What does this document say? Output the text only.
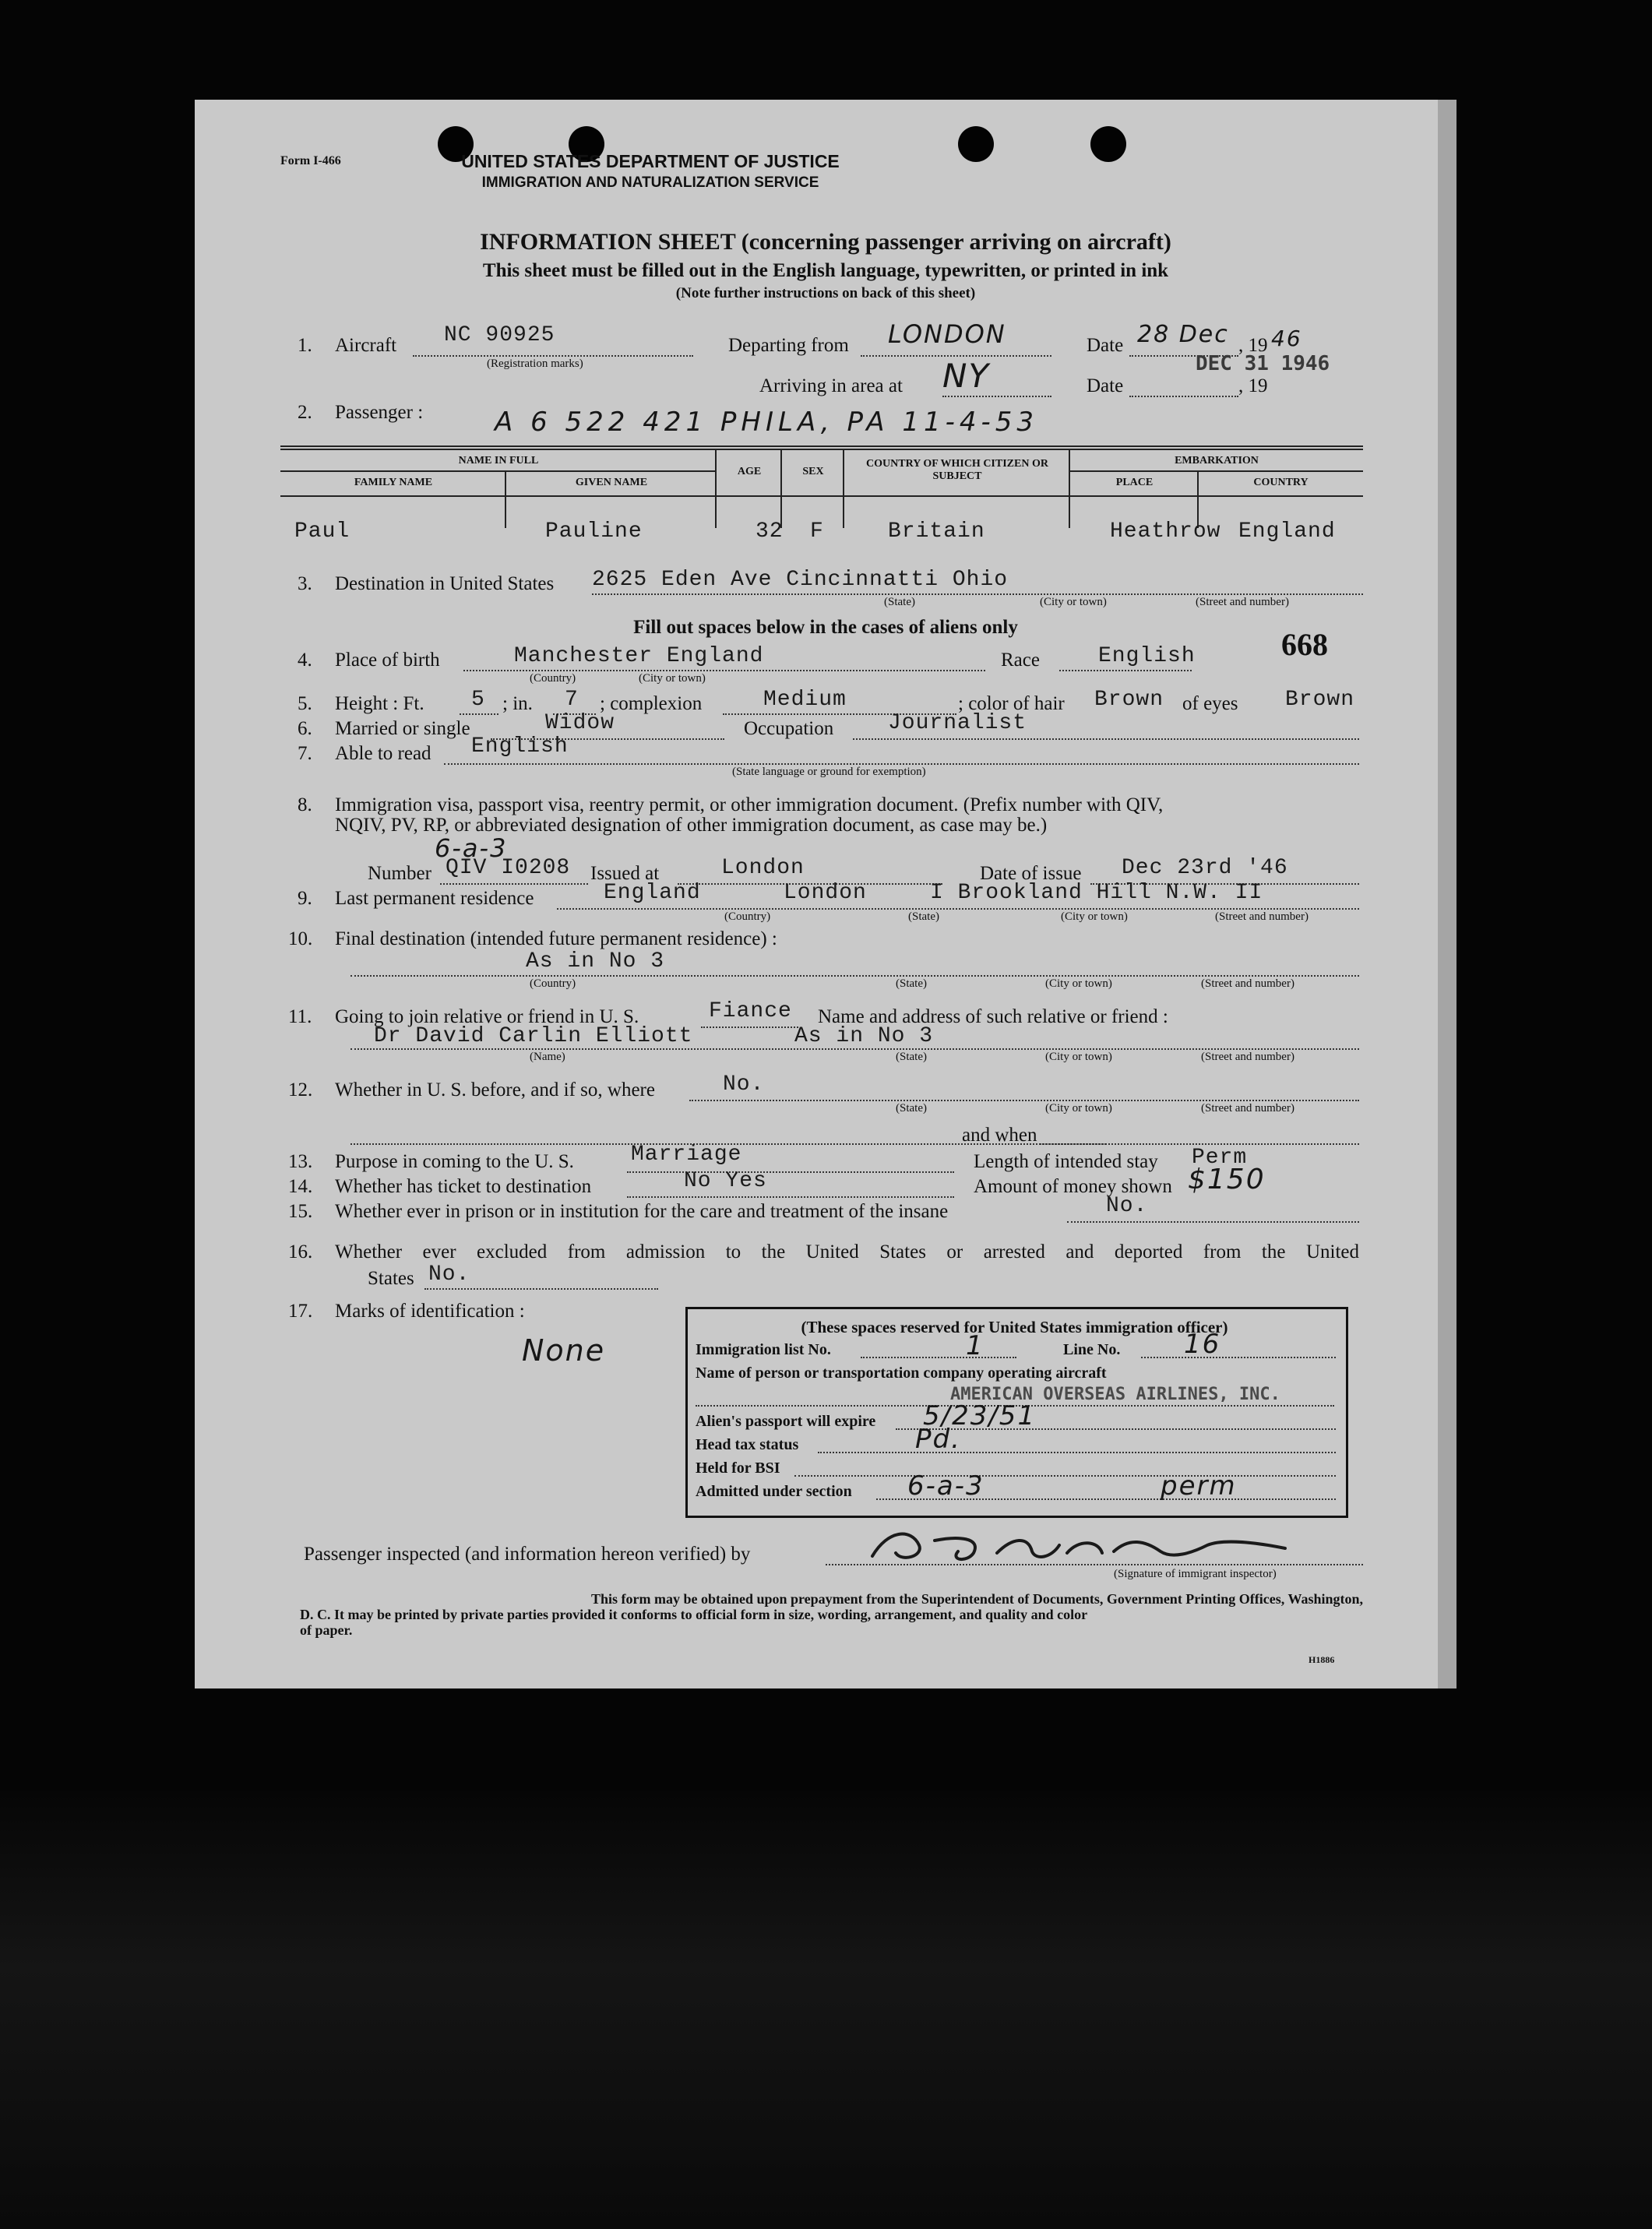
Form I-466	UNITED STATES DEPARTMENT OF JUSTICE
IMMIGRATION AND NATURALIZATION SERVICE
INFORMATION SHEET (concerning passenger arriving on aircraft)
This sheet must be filled out in the English language, typewritten, or printed in ink
(Note further instructions on back of this sheet)
1. Aircraft NC 90925
(Registration marks)
Departing from LONDON	Date 28 Dec , 19 46
DEC 31 1946
Arriving in area at NY	Date	, 19
2. Passenger :	A 6 522 421 PHILA, PA 11-4-53
NAME IN FULL
FAMILY NAME	GIVEN NAME
AGE	SEX
COUNTRY OF WHICH CITIZEN OR SUBJECT
EMBARKATION
PLACE	COUNTRY
Paul	Pauline	32 F	Britain	Heathrow England
3. Destination in United States 2625 Eden Ave Cincinnatti Ohio
(State)	(City or town)	(Street and number)
Fill out spaces below in the cases of aliens only	668
4. Place of birth	Manchester England
(Country)	(City or town)
Race	English
5. Height : Ft. 5 ; in. 7 ; complexion	Medium	; color of hair Brown of eyes Brown
6. Married or single	Widow	Occupation Journalist
7. Able to read English
(State language or ground for exemption)
8. Immigration visa, passport visa, reentry permit, or other immigration document. (Prefix number with QIV,
NQIV, PV, RP, or abbreviated designation of other immigration document, as case may be.)
6-a-3
Number QIV I0208 Issued at	London	Date of issue Dec 23rd '46
9. Last permanent residence	England	London	I Brookland Hill N.W. II
(Country)	(State)	(City or town)	(Street and number)
10. Final destination (intended future permanent residence) :
As in No 3
(Country)	(State)	(City or town)	(Street and number)
11. Going to join relative or friend in U. S.	Fiance Name and address of such relative or friend :
Dr David Carlin Elliott	As in No 3
(Name)	(State)	(City or town)	(Street and number)
12. Whether in U. S. before, and if so, where	No.
(State)	(City or town)	(Street and number)
and when
13. Purpose in coming to the U. S.	Marriage	Length of intended stay Perm
14. Whether has ticket to destination	No Yes	Amount of money shown $150
15. Whether ever in prison or in institution for the care and treatment of the insane	No.
16. Whether ever excluded from admission to the United States or arrested and deported from the United
States No.
17. Marks of identification :
None
(These spaces reserved for United States immigration officer)
Immigration list No.	1	Line No. 16
Name of person or transportation company operating aircraft
AMERICAN OVERSEAS AIRLINES, INC.
Alien's passport will expire 5/23/51
Head tax status	Pd.
Held for BSI
Admitted under section 6-a-3	perm
Passenger inspected (and information hereon verified) by
(Signature of immigrant inspector)
This form may be obtained upon prepayment from the Superintendent of Documents, Government Printing Offices, Washington,
D. C. It may be printed by private parties provided it conforms to official form in size, wording, arrangement, and quality and color
of paper.
H1886
